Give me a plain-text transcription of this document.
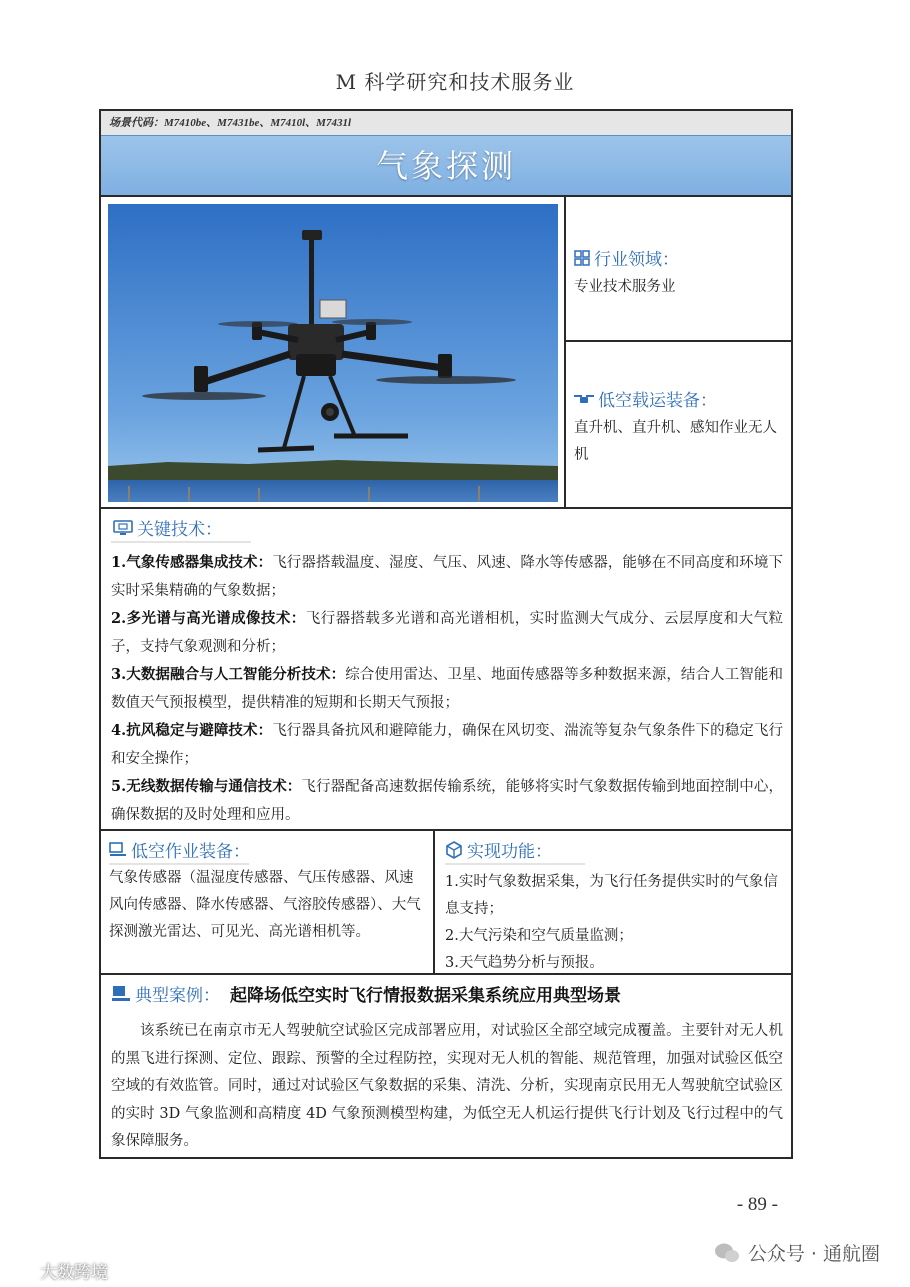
M 科学研究和技术服务业
场景代码：M7410be、M7431be、M7410l、M7431l
气象探测
行业领域：
专业技术服务业
低空载运装备：
直升机、直升机、感知作业无人机
关键技术：
1.气象传感器集成技术：飞行器搭载温度、湿度、气压、风速、降水等传感器，能够在不同高度和环境下实时采集精确的气象数据；
2.多光谱与高光谱成像技术：飞行器搭载多光谱和高光谱相机，实时监测大气成分、云层厚度和大气粒子，支持气象观测和分析；
3.大数据融合与人工智能分析技术：综合使用雷达、卫星、地面传感器等多种数据来源，结合人工智能和数值天气预报模型，提供精准的短期和长期天气预报；
4.抗风稳定与避障技术：飞行器具备抗风和避障能力，确保在风切变、湍流等复杂气象条件下的稳定飞行和安全操作；
5.无线数据传输与通信技术：飞行器配备高速数据传输系统，能够将实时气象数据传输到地面控制中心，确保数据的及时处理和应用。
低空作业装备：
气象传感器（温湿度传感器、气压传感器、风速风向传感器、降水传感器、气溶胶传感器）、大气探测激光雷达、可见光、高光谱相机等。
实现功能：
1.实时气象数据采集，为飞行任务提供实时的气象信息支持；
2.大气污染和空气质量监测；
3.天气趋势分析与预报。
典型案例： 起降场低空实时飞行情报数据采集系统应用典型场景
该系统已在南京市无人驾驶航空试验区完成部署应用，对试验区全部空域完成覆盖。主要针对无人机的黑飞进行探测、定位、跟踪、预警的全过程防控，实现对无人机的智能、规范管理，加强对试验区低空空域的有效监管。同时，通过对试验区气象数据的采集、清洗、分析，实现南京民用无人驾驶航空试验区的实时 3D 气象监测和高精度 4D 气象预测模型构建，为低空无人机运行提供飞行计划及飞行过程中的气象保障服务。
- 89 -
公众号 · 通航圈
大数跨境
